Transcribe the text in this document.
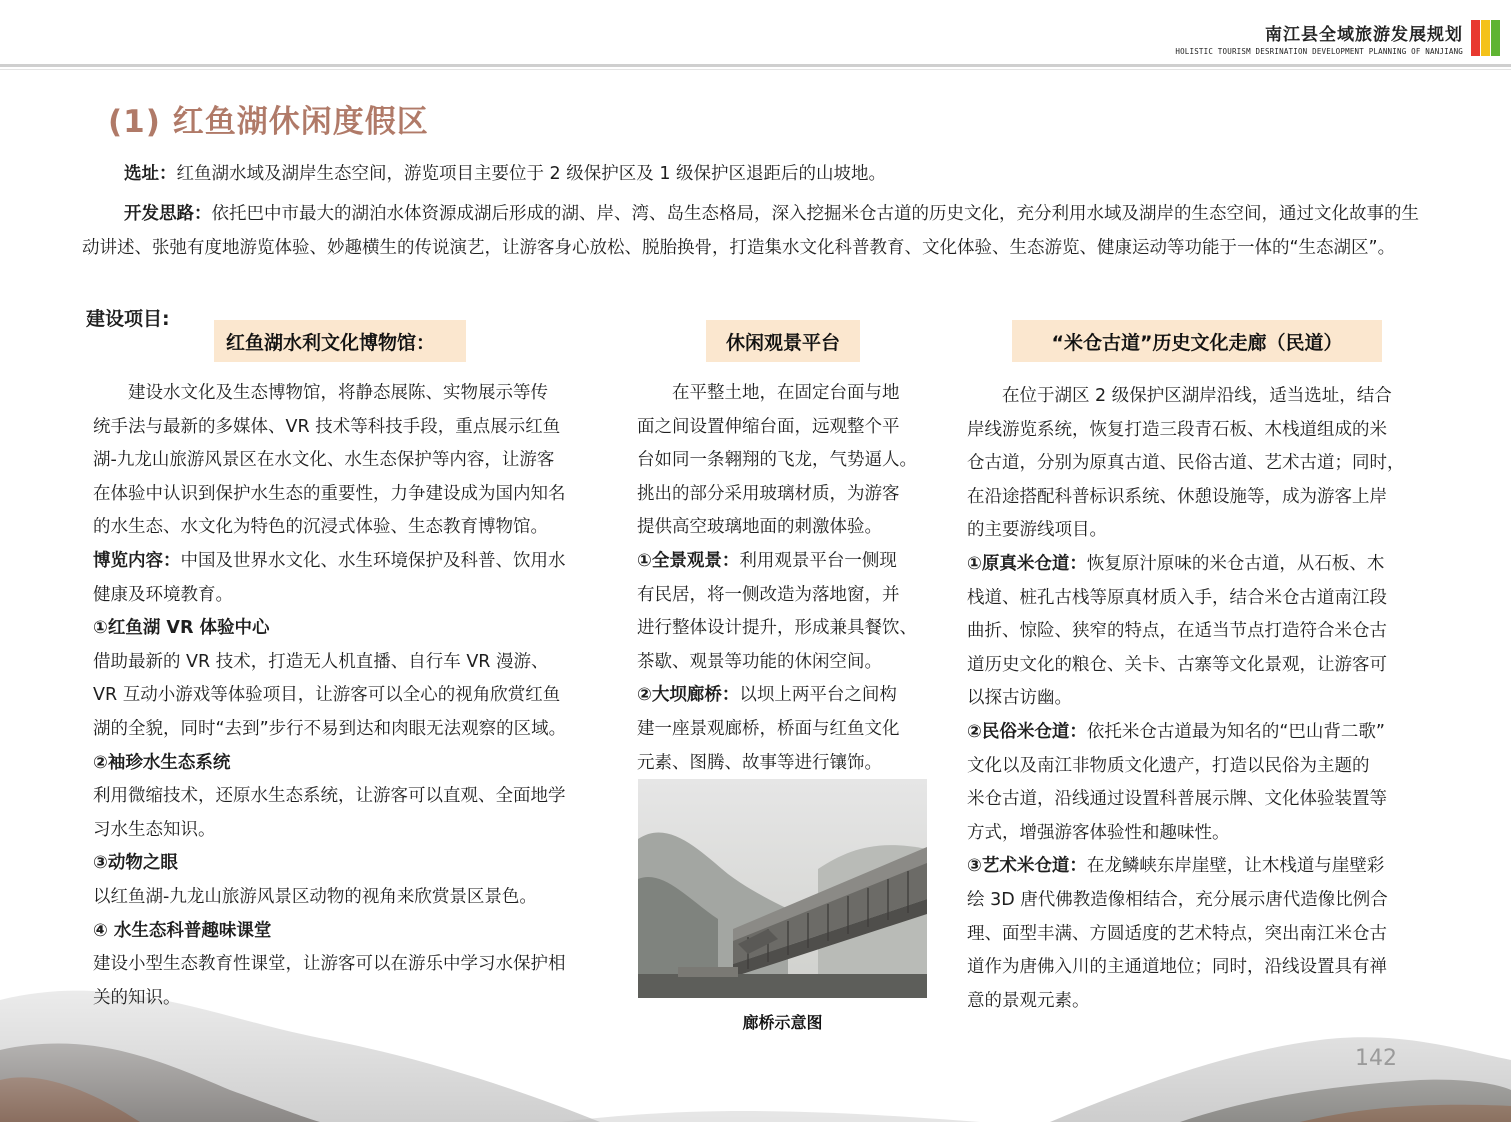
南江县全域旅游发展规划
HOLISTIC TOURISM DESRINATION DEVELOPMENT PLANNING OF NANJIANG
(1) 红鱼湖休闲度假区
选址：红鱼湖水域及湖岸生态空间，游览项目主要位于 2 级保护区及 1 级保护区退距后的山坡地。
开发思路：依托巴中市最大的湖泊水体资源成湖后形成的湖、岸、湾、岛生态格局，深入挖掘米仓古道的历史文化，充分利用水域及湖岸的生态空间，通过文化故事的生动讲述、张弛有度地游览体验、妙趣横生的传说演艺，让游客身心放松、脱胎换骨，打造集水文化科普教育、文化体验、生态游览、健康运动等功能于一体的“生态湖区”。
建设项目:
红鱼湖水利文化博物馆：	休闲观景平台	“米仓古道”历史文化走廊（民道）
　　建设水文化及生态博物馆，将静态展陈、实物展示等传
统手法与最新的多媒体、VR 技术等科技手段，重点展示红鱼
湖-九龙山旅游风景区在水文化、水生态保护等内容，让游客
在体验中认识到保护水生态的重要性，力争建设成为国内知名
的水生态、水文化为特色的沉浸式体验、生态教育博物馆。
博览内容：中国及世界水文化、水生环境保护及科普、饮用水
健康及环境教育。
①红鱼湖 VR 体验中心
借助最新的 VR 技术，打造无人机直播、自行车 VR 漫游、
VR 互动小游戏等体验项目，让游客可以全心的视角欣赏红鱼
湖的全貌，同时“去到”步行不易到达和肉眼无法观察的区域。
②袖珍水生态系统
利用微缩技术，还原水生态系统，让游客可以直观、全面地学
习水生态知识。
③动物之眼
以红鱼湖-九龙山旅游风景区动物的视角来欣赏景区景色。
④ 水生态科普趣味课堂
建设小型生态教育性课堂，让游客可以在游乐中学习水保护相
关的知识。
　　在平整土地，在固定台面与地
面之间设置伸缩台面，远观整个平
台如同一条翱翔的飞龙，气势逼人。
挑出的部分采用玻璃材质，为游客
提供高空玻璃地面的刺激体验。
①全景观景：利用观景平台一侧现
有民居，将一侧改造为落地窗，并
进行整体设计提升，形成兼具餐饮、
茶歇、观景等功能的休闲空间。
②大坝廊桥：以坝上两平台之间构
建一座景观廊桥，桥面与红鱼文化
元素、图腾、故事等进行镶饰。
　　在位于湖区 2 级保护区湖岸沿线，适当选址，结合
岸线游览系统，恢复打造三段青石板、木栈道组成的米
仓古道，分别为原真古道、民俗古道、艺术古道；同时，
在沿途搭配科普标识系统、休憩设施等，成为游客上岸
的主要游线项目。
①原真米仓道：恢复原汁原味的米仓古道，从石板、木
栈道、桩孔古栈等原真材质入手，结合米仓古道南江段
曲折、惊险、狭窄的特点，在适当节点打造符合米仓古
道历史文化的粮仓、关卡、古寨等文化景观，让游客可
以探古访幽。
②民俗米仓道：依托米仓古道最为知名的“巴山背二歌”
文化以及南江非物质文化遗产，打造以民俗为主题的
米仓古道，沿线通过设置科普展示牌、文化体验装置等
方式，增强游客体验性和趣味性。
③艺术米仓道：在龙鳞峡东岸崖壁，让木栈道与崖壁彩
绘 3D 唐代佛教造像相结合，充分展示唐代造像比例合
理、面型丰满、方圆适度的艺术特点，突出南江米仓古
道作为唐佛入川的主通道地位；同时，沿线设置具有禅
意的景观元素。
廊桥示意图
142
